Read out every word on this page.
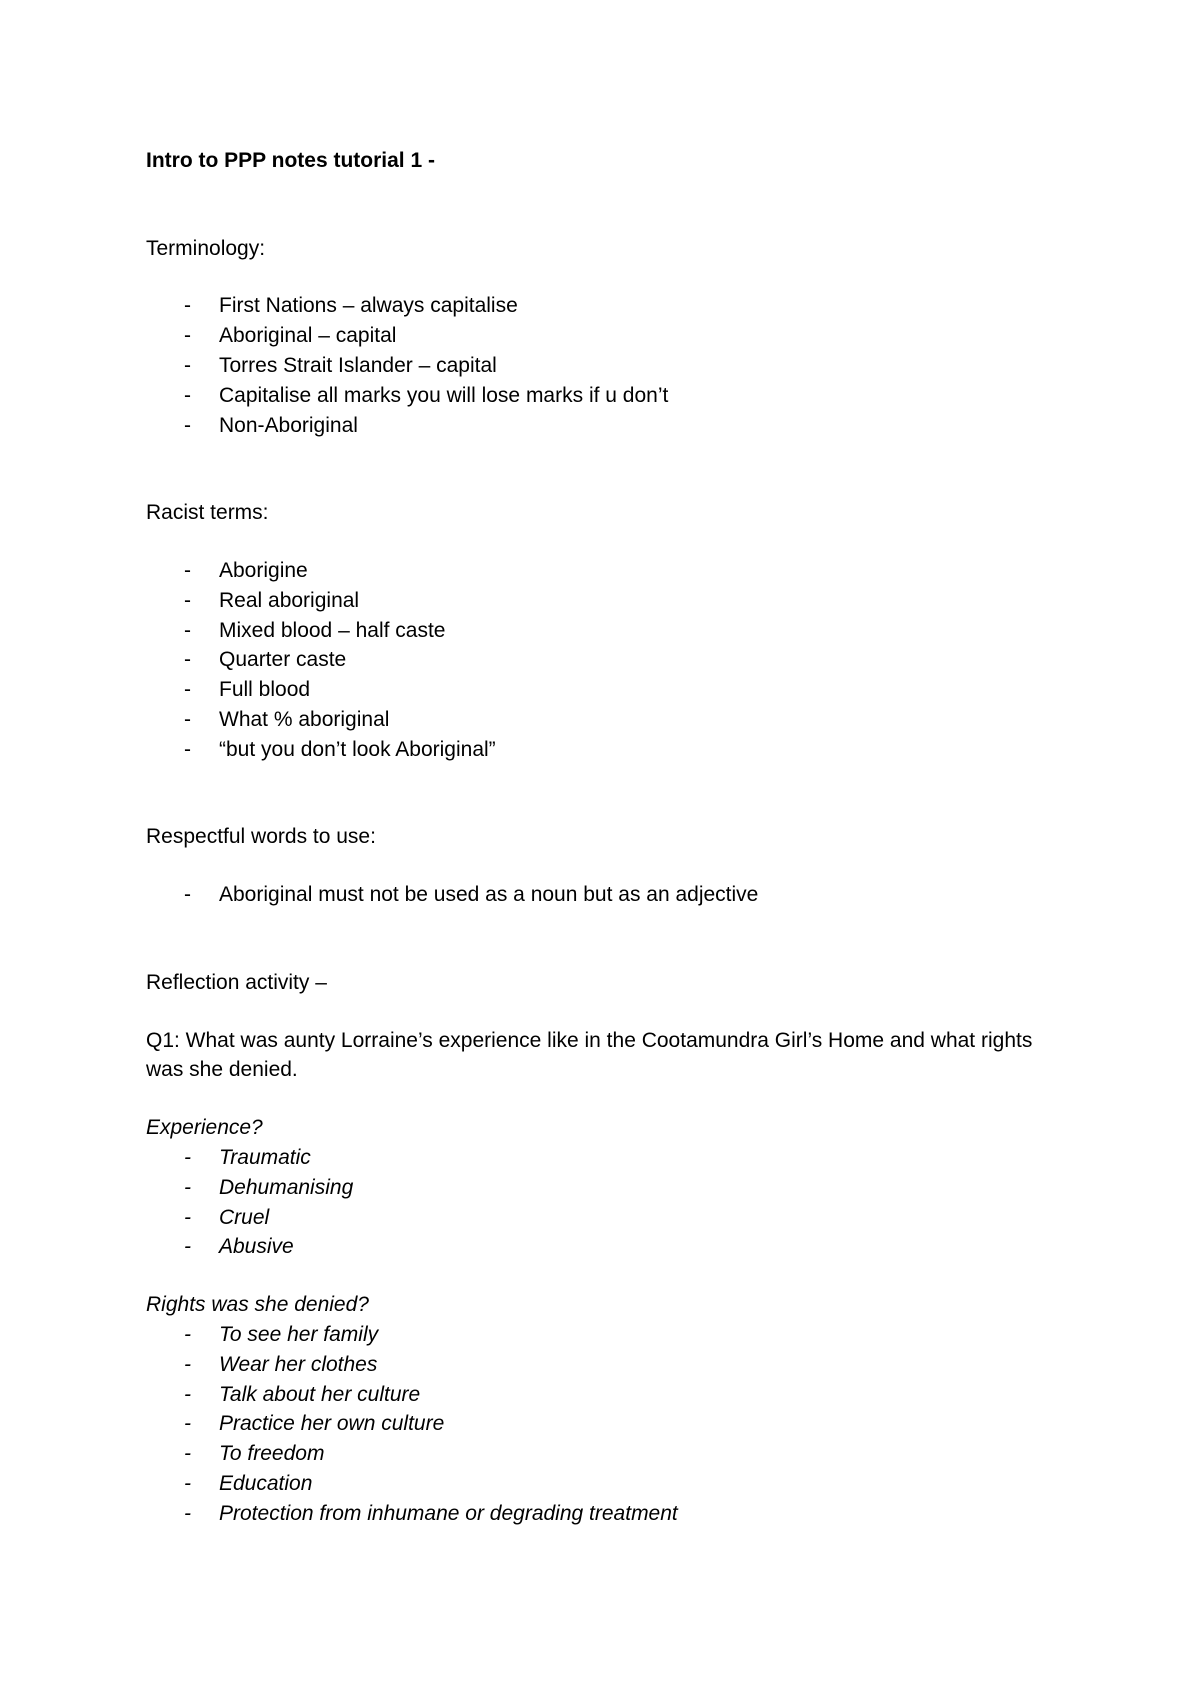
Intro to PPP notes tutorial 1 -

Terminology:

- First Nations – always capitalise
- Aboriginal – capital
- Torres Strait Islander – capital
- Capitalise all marks you will lose marks if u don’t
- Non-Aboriginal

Racist terms:

- Aborigine
- Real aboriginal
- Mixed blood – half caste
- Quarter caste
- Full blood
- What % aboriginal
- “but you don’t look Aboriginal”

Respectful words to use:

- Aboriginal must not be used as a noun but as an adjective

Reflection activity –

Q1: What was aunty Lorraine’s experience like in the Cootamundra Girl’s Home and what rights was she denied.

Experience?

- Traumatic
- Dehumanising
- Cruel
- Abusive

Rights was she denied?

- To see her family
- Wear her clothes
- Talk about her culture
- Practice her own culture
- To freedom
- Education
- Protection from inhumane or degrading treatment
